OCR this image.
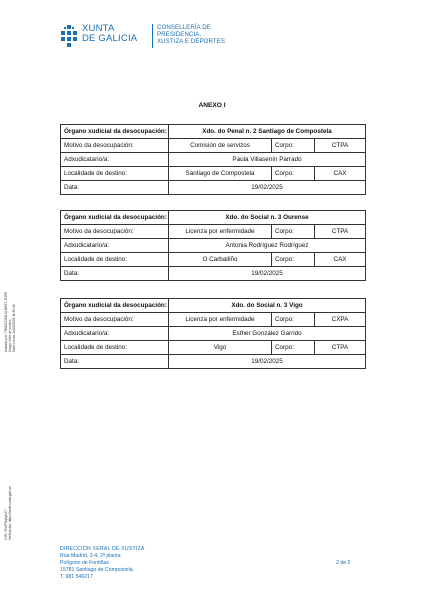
XUNTA
DE GALICIA
CONSELLERÍA DE
PRESIDENCIA,
XUSTIZA E DEPORTES
ANEXO I
Órgano xudicial da desocupación:	Xdo. do Penal n. 2 Santiago de Compostela		
Motivo da desocupación:	Comisión de servizos	Corpo:	CTPA
Adxudicatario/a:	Paula Villasenín Parrado		
Localidade de destino:	Santiago de Compostela	Corpo:	CAX
Data:	19/02/2025		
Órgano xudicial da desocupación:	Xdo. do Social n. 3 Ourense		
Motivo da desocupación:	Licenza por enfermidade	Corpo:	CTPA
Adxudicatario/a:	Antonia Rodríguez Rodríguez		
Localidade de destino:	O Carballiño	Corpo:	CAX
Data:	19/02/2025		
Órgano xudicial da desocupación:	Xdo. do Social n. 3 Vigo		
Motivo da desocupación:	Licenza por enfermidade	Corpo:	CXPA
Adxudicatario/a:	Esther González Garrido		
Localidade de destino:	Vigo	Corpo:	CTPA
Data:	19/02/2025		
Asinado por: TRONCOSO ALBERT, JOSÉ Cargo: Xefe de servizo Data e hora: 14/02/2025 11:35:46
CVE: 9KUfP8q1yhiC7 Verificación: https://sede.xunta.gal/cve
DIRECCIÓN XERAL DE XUSTIZA
Rúa Madrid, 2-4, 2ª planta
Polígono de Fontiñas
15781 Santiago de Compostela
T. 981 546217
2 de 2
